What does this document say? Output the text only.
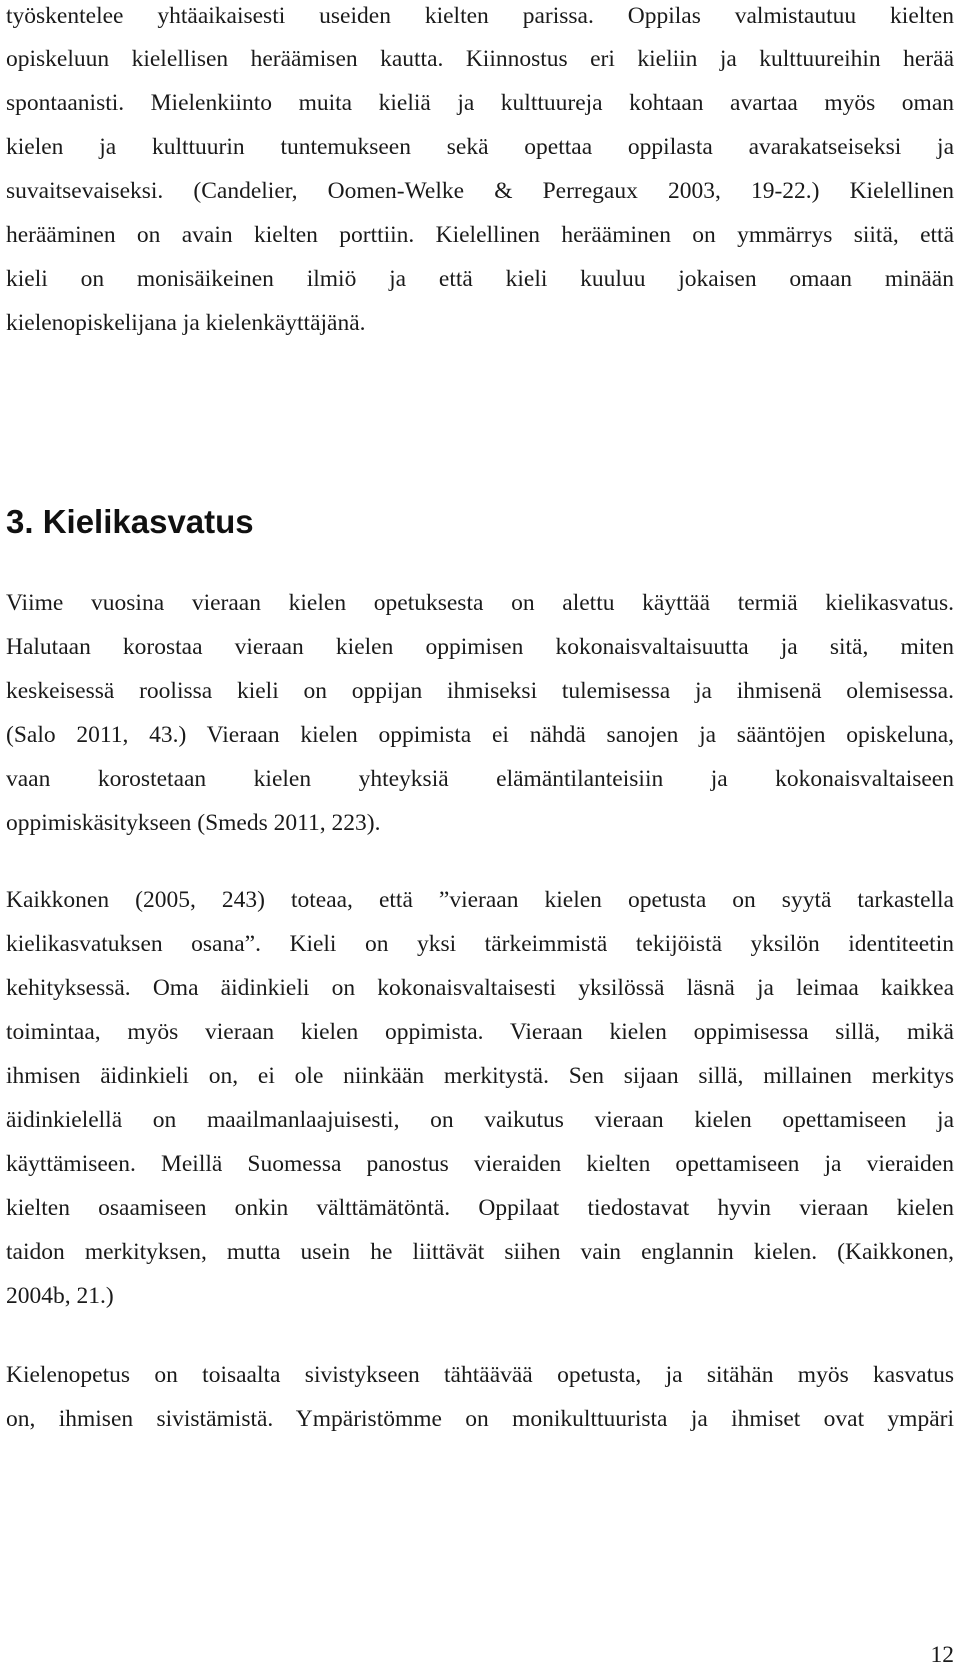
työskentelee yhtäaikaisesti useiden kielten parissa. Oppilas valmistautuu kielten
opiskeluun kielellisen heräämisen kautta. Kiinnostus eri kieliin ja kulttuureihin herää
spontaanisti. Mielenkiinto muita kieliä ja kulttuureja kohtaan avartaa myös oman
kielen ja kulttuurin tuntemukseen sekä opettaa oppilasta avarakatseiseksi ja
suvaitsevaiseksi. (Candelier, Oomen-Welke & Perregaux 2003, 19-22.) Kielellinen
herääminen on avain kielten porttiin. Kielellinen herääminen on ymmärrys siitä, että
kieli on monisäikeinen ilmiö ja että kieli kuuluu jokaisen omaan minään
kielenopiskelijana ja kielenkäyttäjänä.
3. Kielikasvatus
Viime vuosina vieraan kielen opetuksesta on alettu käyttää termiä kielikasvatus.
Halutaan korostaa vieraan kielen oppimisen kokonaisvaltaisuutta ja sitä, miten
keskeisessä roolissa kieli on oppijan ihmiseksi tulemisessa ja ihmisenä olemisessa.
(Salo 2011, 43.) Vieraan kielen oppimista ei nähdä sanojen ja sääntöjen opiskeluna,
vaan korostetaan kielen yhteyksiä elämäntilanteisiin ja kokonaisvaltaiseen
oppimiskäsitykseen (Smeds 2011, 223).
Kaikkonen (2005, 243) toteaa, että ”vieraan kielen opetusta on syytä tarkastella
kielikasvatuksen osana”. Kieli on yksi tärkeimmistä tekijöistä yksilön identiteetin
kehityksessä. Oma äidinkieli on kokonaisvaltaisesti yksilössä läsnä ja leimaa kaikkea
toimintaa, myös vieraan kielen oppimista. Vieraan kielen oppimisessa sillä, mikä
ihmisen äidinkieli on, ei ole niinkään merkitystä. Sen sijaan sillä, millainen merkitys
äidinkielellä on maailmanlaajuisesti, on vaikutus vieraan kielen opettamiseen ja
käyttämiseen. Meillä Suomessa panostus vieraiden kielten opettamiseen ja vieraiden
kielten osaamiseen onkin välttämätöntä. Oppilaat tiedostavat hyvin vieraan kielen
taidon merkityksen, mutta usein he liittävät siihen vain englannin kielen. (Kaikkonen,
2004b, 21.)
Kielenopetus on toisaalta sivistykseen tähtäävää opetusta, ja sitähän myös kasvatus
on, ihmisen sivistämistä. Ympäristömme on monikulttuurista ja ihmiset ovat ympäri
12
